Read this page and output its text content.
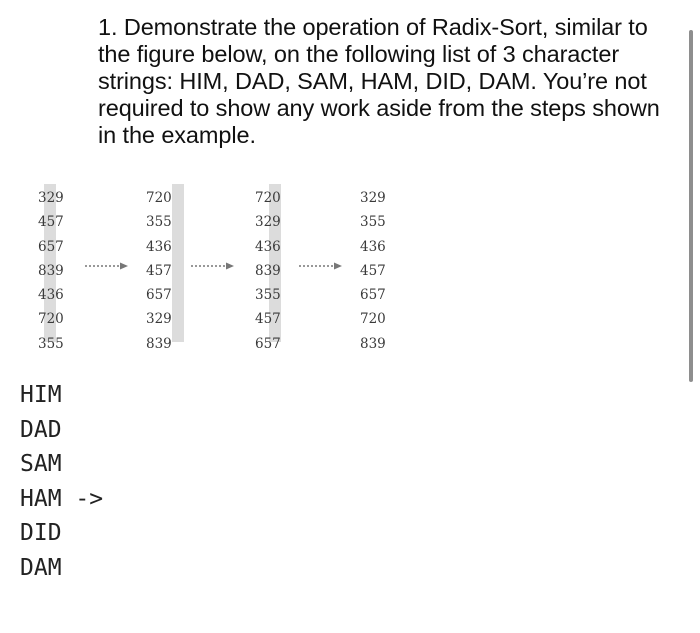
1. Demonstrate the operation of Radix-Sort, similar to the figure below, on the following list of 3 character strings: HIM, DAD, SAM, HAM, DID, DAM. You’re not required to show any work aside from the steps shown in the example.

329
457
657
839
436
720
355
720
355
436
457
657
329
839
720
329
436
839
355
457
657
329
355
436
457
657
720
839
HIM
DAD
SAM
HAM ->
DID
DAM
